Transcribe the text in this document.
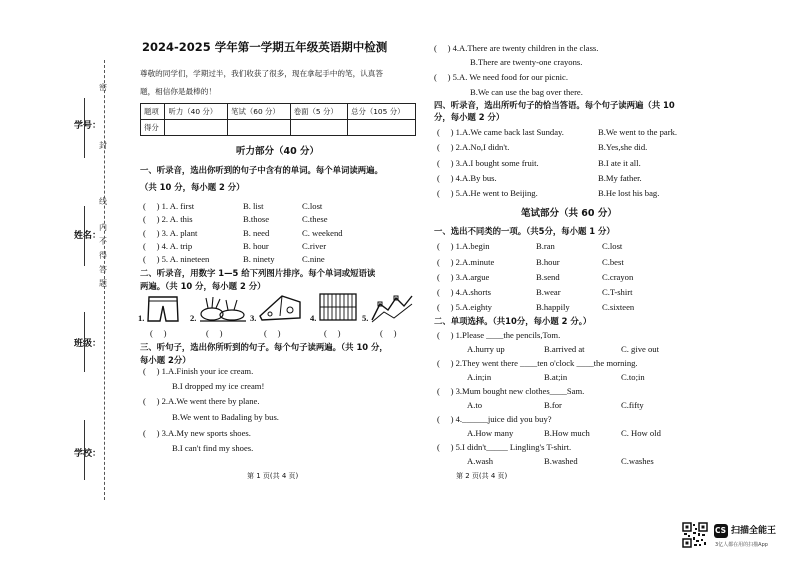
学号：
姓名：
班级：
学校：
密
封
线
内
不
得
答
题
2024-2025 学年第一学期五年级英语期中检测
尊敬的同学们，学期过半，我们收获了很多，现在拿起手中的笔，认真答
题，相信你是最棒的！
题项	听力（40 分）	笔试（60 分）	卷面（5 分）	总分（105 分）
得分				
听力部分（40 分）
一、听录音，选出你听到的句子中含有的单词。每个单词读两遍。
（共 10 分，每小题 2 分）
(　 ) 1. A. first	B. list	C.lost
(　 ) 2. A. this	B.those	C.these
(　 ) 3. A. plant	B. need	C. weekend
(　 ) 4. A. trip	B. hour	C.river
(　 ) 5. A. nineteen	B. ninety	C.nine
二、听录音，用数字 1—5 给下列图片排序。每个单词或短语读
两遍。（共 10 分，每小题 2 分）
1.	2.	3.	4.	5.
(　 )	(　 )	(　 )	(　 )	(　 )
三、听句子，选出你所听到的句子。每个句子读两遍。（共 10 分，
每小题 2分）
(　 ) 1.A.Finish your ice cream.
B.I dropped my ice cream!
(　 ) 2.A.We went there by plane.
B.We went to Badaling by bus.
(　 ) 3.A.My new sports shoes.
B.I can't find my shoes.
第 1 页(共 4 页)
(　 ) 4.A.There are twenty children in the class.
B.There are twenty-one crayons.
(　 ) 5.A. We need food for our picnic.
B.We can use the bag over there.
四、听录音，选出所听句子的恰当答语。每个句子读两遍（共 10
分，每小题 2 分）
(　 ) 1.A.We came back last Sunday.	B.We went to the park.
(　 ) 2.A.No,I didn't.	B.Yes,she did.
(　 ) 3.A.I bought some fruit.	B.I ate it all.
(　 ) 4.A.By bus.	B.My father.
(　 ) 5.A.He went to Beijing.	B.He lost his bag.
笔试部分（共 60 分）
一、选出不同类的一项。（共5分，每小题 1 分）
(　 ) 1.A.begin	B.ran	C.lost
(　 ) 2.A.minute	B.hour	C.best
(　 ) 3.A.argue	B.send	C.crayon
(　 ) 4.A.shorts	B.wear	C.T-shirt
(　 ) 5.A.eighty	B.happily	C.sixteen
二、单项选择。（共10分，每小题 2 分。）
(　 ) 1.Please ____the pencils,Tom.
A.hurry up	B.arrived at	C. give out
(　 ) 2.They went there ____ten o'clock ____the morning.
A.in;in	B.at;in	C.to;in
(　 ) 3.Mum bought new clothes____Sam.
A.to	B.for	C.fifty
(　 ) 4.______juice did you buy?
A.How many	B.How much	C. How old
(　 ) 5.I didn't_____ Lingling's T-shirt.
A.wash	B.washed	C.washes
第 2 页(共 4 页)
CS 扫描全能王
3亿人都在用的扫描App
